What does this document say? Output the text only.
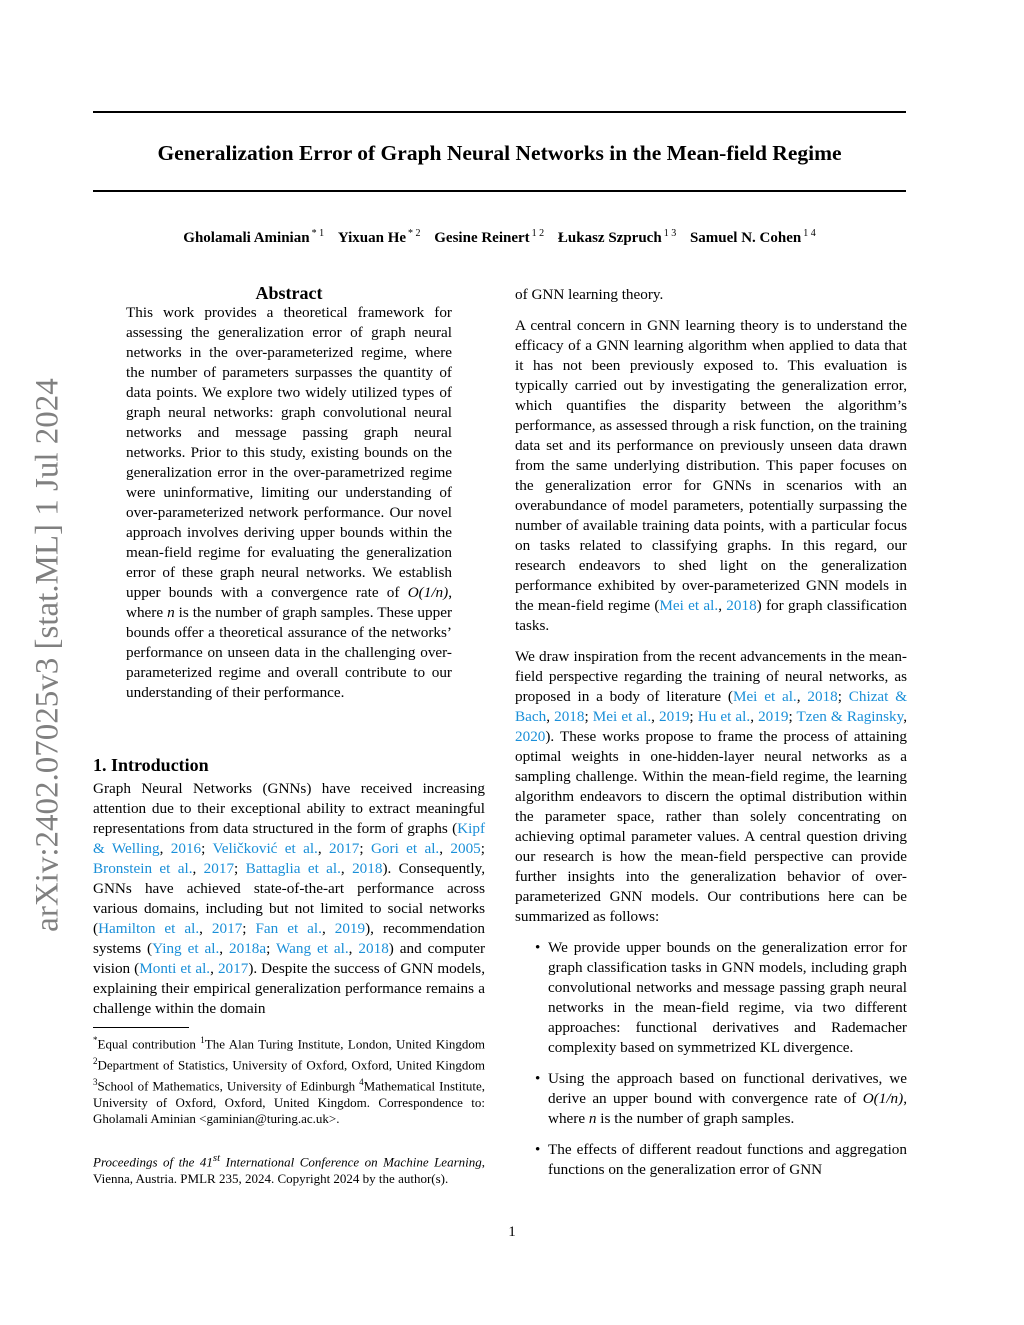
Generalization Error of Graph Neural Networks in the Mean-field Regime
Gholamali Aminian $^{* 1}$ Yixuan He $^{* 2}$ Gesine Reinert $^{1 2}$ Łukasz Szpruch $^{1 3}$ Samuel N. Cohen $^{1 4}$
arXiv:2402.07025v3 [stat.ML] 1 Jul 2024
Abstract
This work provides a theoretical framework for assessing the generalization error of graph neural networks in the over-parameterized regime, where the number of parameters surpasses the quantity of data points. We explore two widely utilized types of graph neural networks: graph convolutional neural networks and message passing graph neural networks. Prior to this study, existing bounds on the generalization error in the over-parametrized regime were uninformative, limiting our understanding of over-parameterized network performance. Our novel approach involves deriving upper bounds within the mean-field regime for evaluating the generalization error of these graph neural networks. We establish upper bounds with a convergence rate of O(1/n), where n is the number of graph samples. These upper bounds offer a theoretical assurance of the networks’ performance on unseen data in the challenging over-parameterized regime and overall contribute to our understanding of their performance.
1. Introduction
Graph Neural Networks (GNNs) have received increasing attention due to their exceptional ability to extract meaningful representations from data structured in the form of graphs (Kipf & Welling, 2016; Veličković et al., 2017; Gori et al., 2005; Bronstein et al., 2017; Battaglia et al., 2018). Consequently, GNNs have achieved state-of-the-art performance across various domains, including but not limited to social networks (Hamilton et al., 2017; Fan et al., 2019), recommendation systems (Ying et al., 2018a; Wang et al., 2018) and computer vision (Monti et al., 2017). Despite the success of GNN models, explaining their empirical generalization performance remains a challenge within the domain
*Equal contribution $^1$The Alan Turing Institute, London, United Kingdom $^2$Department of Statistics, University of Oxford, Oxford, United Kingdom $^3$School of Mathematics, University of Edinburgh $^4$Mathematical Institute, University of Oxford, Oxford, United Kingdom. Correspondence to: Gholamali Aminian <gaminian@turing.ac.uk>.
Proceedings of the 41st International Conference on Machine Learning, Vienna, Austria. PMLR 235, 2024. Copyright 2024 by the author(s).

of GNN learning theory.

A central concern in GNN learning theory is to understand the efficacy of a GNN learning algorithm when applied to data that it has not been previously exposed to. This evaluation is typically carried out by investigating the generalization error, which quantifies the disparity between the algorithm’s performance, as assessed through a risk function, on the training data set and its performance on previously unseen data drawn from the same underlying distribution. This paper focuses on the generalization error for GNNs in scenarios with an overabundance of model parameters, potentially surpassing the number of available training data points, with a particular focus on tasks related to classifying graphs. In this regard, our research endeavors to shed light on the generalization performance exhibited by over-parameterized GNN models in the mean-field regime (Mei et al., 2018) for graph classification tasks.

We draw inspiration from the recent advancements in the mean-field perspective regarding the training of neural networks, as proposed in a body of literature (Mei et al., 2018; Chizat & Bach, 2018; Mei et al., 2019; Hu et al., 2019; Tzen & Raginsky, 2020). These works propose to frame the process of attaining optimal weights in one-hidden-layer neural networks as a sampling challenge. Within the mean-field regime, the learning algorithm endeavors to discern the optimal distribution within the parameter space, rather than solely concentrating on achieving optimal parameter values. A central question driving our research is how the mean-field perspective can provide further insights into the generalization behavior of over-parameterized GNN models. Our contributions here can be summarized as follows:

• We provide upper bounds on the generalization error for graph classification tasks in GNN models, including graph convolutional networks and message passing graph neural networks in the mean-field regime, via two different approaches: functional derivatives and Rademacher complexity based on symmetrized KL divergence.
• Using the approach based on functional derivatives, we derive an upper bound with convergence rate of O(1/n), where n is the number of graph samples.
• The effects of different readout functions and aggregation functions on the generalization error of GNN
1
